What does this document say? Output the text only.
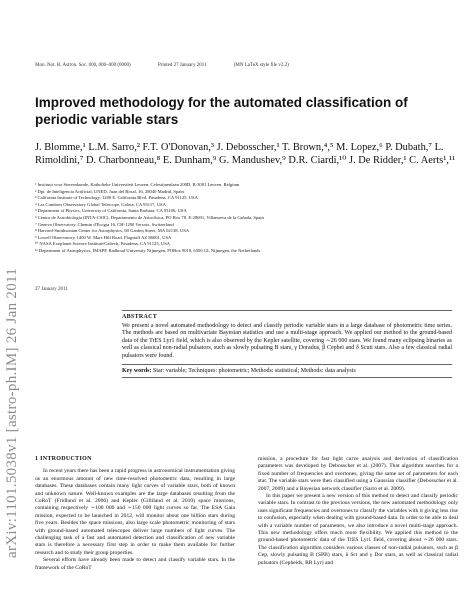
Mon. Not. R. Astron. Soc. 000, 000–000 (0000)	Printed 27 January 2011	(MN LaTeX style file v2.2)
arXiv:1101.5038v1 [astro-ph.IM] 26 Jan 2011
Improved methodology for the automated classification of periodic variable stars
J. Blomme,¹ L.M. Sarro,² F.T. O'Donovan,³ J. Debosscher,¹ T. Brown,⁴,⁵ M. Lopez,⁶ P. Dubath,⁷ L. Rimoldini,⁷ D. Charbonneau,⁸ E. Dunham,⁹ G. Mandushev,⁹ D.R. Ciardi,¹⁰ J. De Ridder,¹ C. Aerts¹,¹¹
¹ Instituut voor Sterrenkunde, Katholieke Universiteit Leuven, Celestijnenlaan 200D, B-3001 Leuven, Belgium
² Dpt. de Inteligencia Artificial, UNED, Juan del Rosal, 16, 28040 Madrid, Spain
³ California Institute of Technology, 1200 E. California Blvd. Pasadena, CA 91125, USA
⁴ Las Cumbres Observatory Global Telescope, Goleta, CA 93117, USA
⁵ Department of Physics, University of California, Santa Barbara, CA 93106, USA
⁶ Centro de Astrobiología (INTA-CSIC), Departamento de Astrofísica, PO Box 78, E-28691, Villanueva de la Cañada, Spain
⁷ Geneva Observatory, Chemin d'Ecogia 16, CH-1290 Versoix, Switzerland
⁸ Harvard-Smithsonian Center for Astrophysics, 60 Garden Street, MA 02138, USA
⁹ Lowell Observatory, 1400 W. Mars Hill Road, Flagstaff AZ 86001, USA
¹⁰ NASA Exoplanet Science Institute/Caltech, Pasadena, CA 91125, USA
¹¹ Department of Astrophysics, IMAPP, Radboud University Nijmegen, POBox 9010, 6500 GL Nijmegen, the Netherlands
27 January 2011
ABSTRACT

We present a novel automated methodology to detect and classify periodic variable stars in a large database of photometric time series. The methods are based on multivariate Bayesian statistics and use a multi-stage approach. We applied our method to the ground-based data of the TrES Lyr1 field, which is also observed by the Kepler satellite, covering ∼26 000 stars. We found many eclipsing binaries as well as classical non-radial pulsators, such as slowly pulsating B stars, γ Doradus, β Cephei and δ Scuti stars. Also a few classical radial pulsators were found.

Key words: Star: variable; Techniques: photometric; Methods: statistical; Methods: data analysis

1 INTRODUCTION

In recent years there has been a rapid progress in astronomical instrumentation giving us an enormous amount of new time-resolved photometric data, resulting in large databases. These databases contain many light curves of variable stars, both of known and unknown nature. Well-known examples are the large databases resulting from the CoRoT (Fridlund et al. 2006) and Kepler (Gilliland et al. 2010) space missions, containing respectively ∼100 000 and ∼150 000 light curves so far. The ESA Gaia mission, expected to be launched in 2012, will monitor about one billion stars during five years. Besides the space missions, also large scale photometric monitoring of stars with ground-based automated telescopes deliver large numbers of light curves. The challenging task of a fast and automated detection and classification of new variable stars is therefore a necessary first step in order to make them available for further research and to study their group properties.

Several efforts have already been made to detect and classify variable stars. In the framework of the CoRoT

mission, a procedure for fast light curve analysis and derivation of classification parameters was developed by Debosscher et al. (2007). That algorithm searches for a fixed number of frequencies and overtones, giving the same set of parameters for each star. The variable stars were then classified using a Gaussian classifier (Debosscher et al. 2007, 2009) and a Bayesian network classifier (Sarro et al. 2009).

In this paper we present a new version of this method to detect and classify periodic variable stars. In contrast to the previous versions, the new automated methodology only uses significant frequencies and overtones to classify the variables with it giving less rise to confusion, especially when dealing with ground-based data. In order to be able to deal with a variable number of parameters, we also introduce a novel multi-stage approach. This new methodology offers much more flexibility. We applied this method to the ground-based photometric data of the TrES Lyr1 field, covering about ∼26 000 stars. The classification algorithm considers various classes of non-radial pulsators, such as β Cep, slowly pulsating B (SPB) stars, δ Sct and γ Dor stars, as well as classical radial pulsators (Cepheids, RR Lyr) and
